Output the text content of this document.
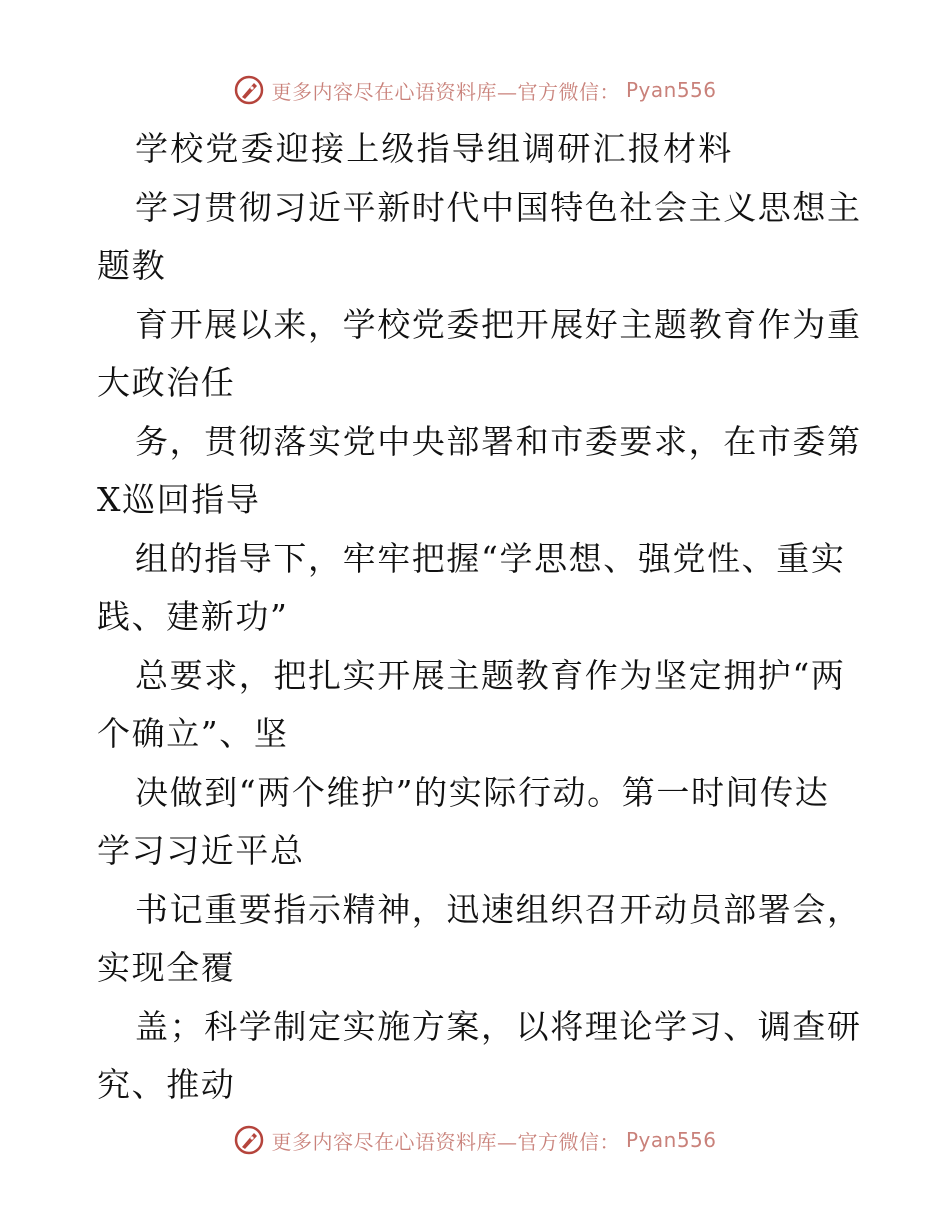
更多内容尽在心语资料库—官方微信： Pyan556
学校党委迎接上级指导组调研汇报材料
学习贯彻习近平新时代中国特色社会主义思想主
题教
育开展以来，学校党委把开展好主题教育作为重
大政治任
务，贯彻落实党中央部署和市委要求，在市委第
X巡回指导
组的指导下，牢牢把握“学思想、强党性、重实
践、建新功”
总要求，把扎实开展主题教育作为坚定拥护“两
个确立”、坚
决做到“两个维护”的实际行动。第一时间传达
学习习近平总
书记重要指示精神，迅速组织召开动员部署会，
实现全覆
盖；科学制定实施方案，以将理论学习、调查研
究、推动
更多内容尽在心语资料库—官方微信： Pyan556
